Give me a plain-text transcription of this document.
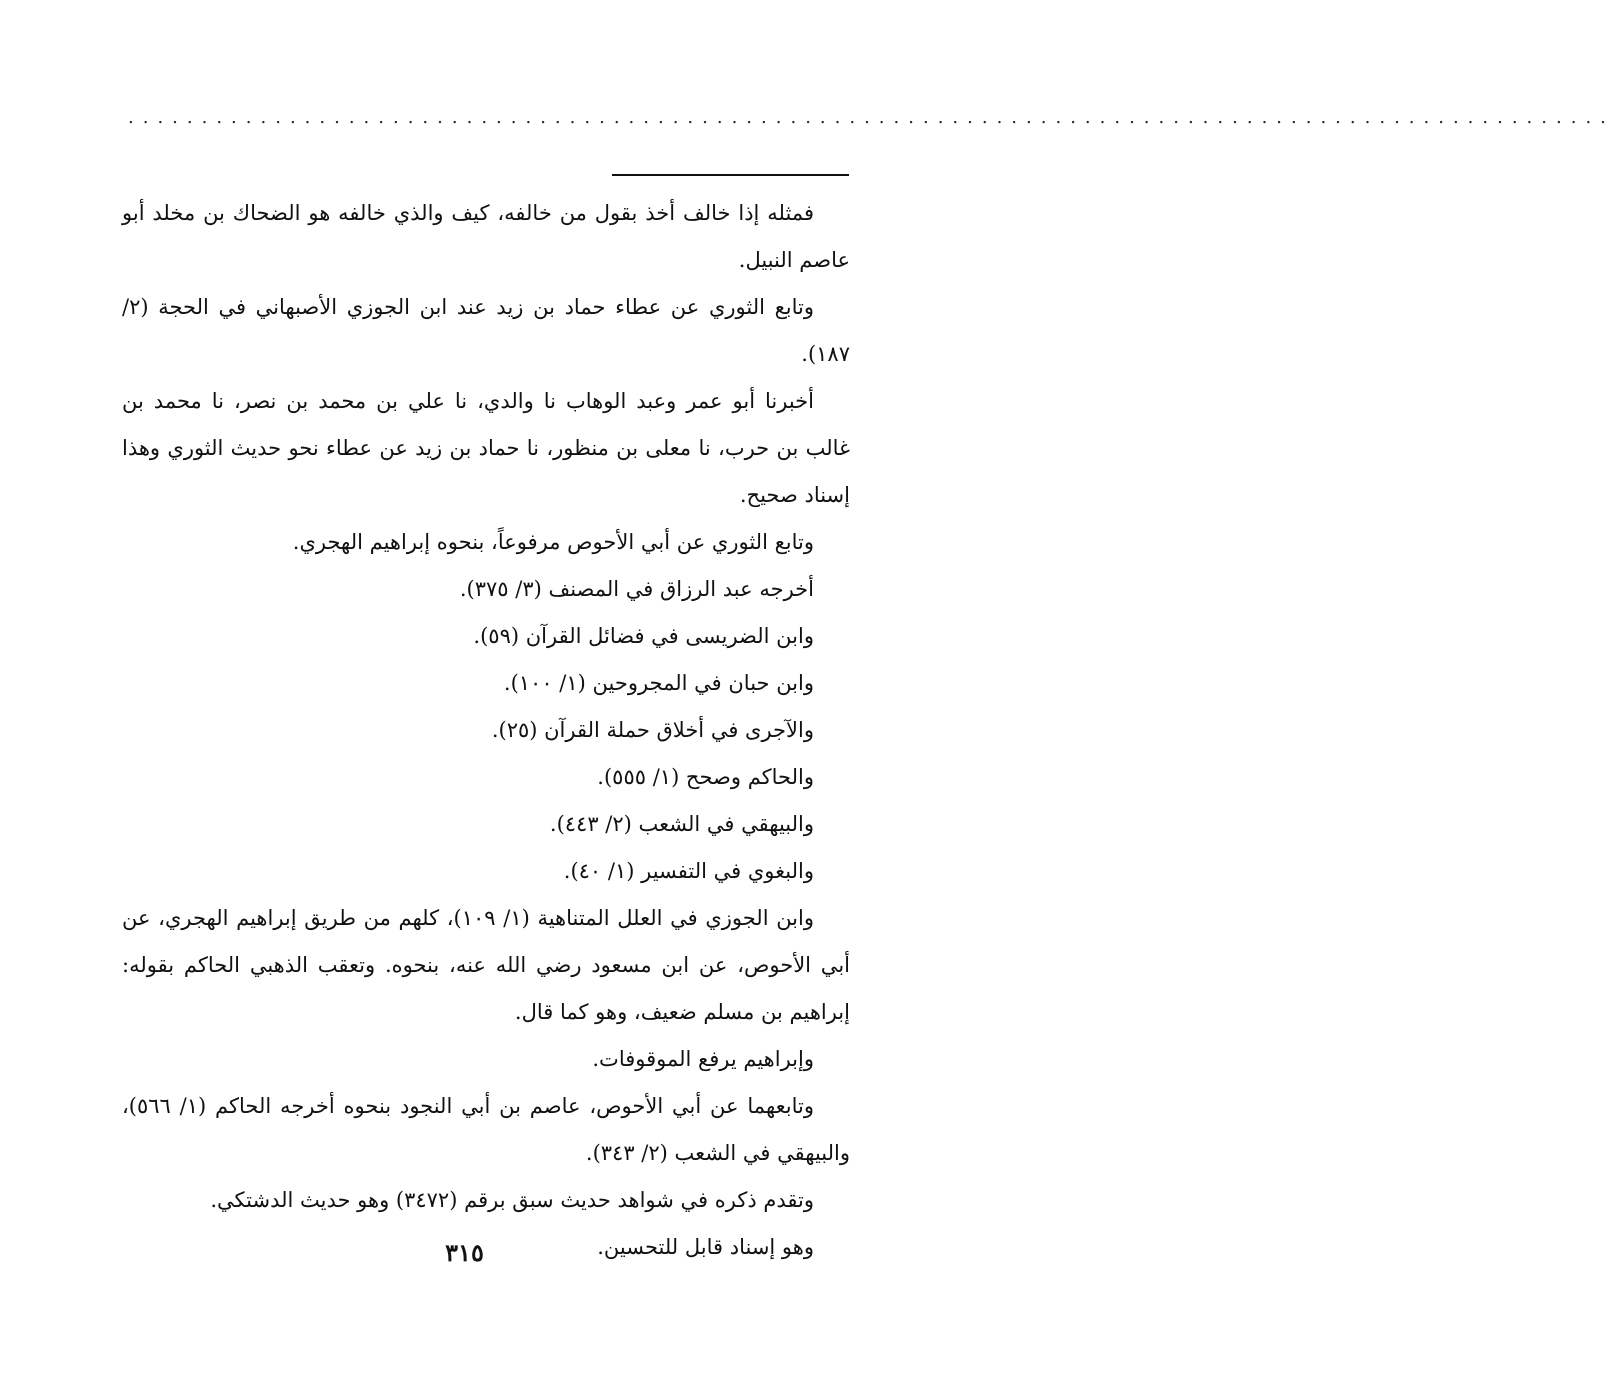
.....................................................................................................

فمثله إذا خالف أخذ بقول من خالفه، كيف والذي خالفه هو الضحاك بن مخلد أبو عاصم النبيل.

وتابع الثوري عن عطاء حماد بن زيد عند ابن الجوزي الأصبهاني في الحجة (٢/ ١٨٧).

أخبرنا أبو عمر وعبد الوهاب نا والدي، نا علي بن محمد بن نصر، نا محمد بن غالب بن حرب، نا معلى بن منظور، نا حماد بن زيد عن عطاء نحو حديث الثوري وهذا إسناد صحيح.

وتابع الثوري عن أبي الأحوص مرفوعاً، بنحوه إبراهيم الهجري.

أخرجه عبد الرزاق في المصنف (٣/ ٣٧٥).

وابن الضريسى في فضائل القرآن (٥٩).

وابن حبان في المجروحين (١/ ١٠٠).

والآجرى في أخلاق حملة القرآن (٢٥).

والحاكم وصحح (١/ ٥٥٥).

والبيهقي في الشعب (٢/ ٤٤٣).

والبغوي في التفسير (١/ ٤٠).

وابن الجوزي في العلل المتناهية (١/ ١٠٩)، كلهم من طريق إبراهيم الهجري، عن أبي الأحوص، عن ابن مسعود رضي الله عنه، بنحوه. وتعقب الذهبي الحاكم بقوله: إبراهيم بن مسلم ضعيف، وهو كما قال.

وإبراهيم يرفع الموقوفات.

وتابعهما عن أبي الأحوص، عاصم بن أبي النجود بنحوه أخرجه الحاكم (١/ ٥٦٦)، والبيهقي في الشعب (٢/ ٣٤٣).

وتقدم ذكره في شواهد حديث سبق برقم (٣٤٧٢) وهو حديث الدشتكي.

وهو إسناد قابل للتحسين.

٣١٥
